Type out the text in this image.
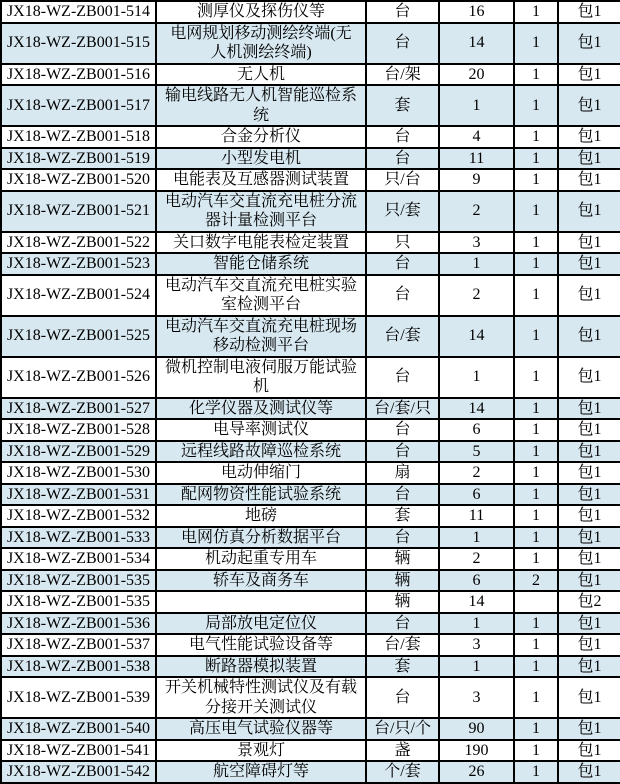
JX18-WZ-ZB001-514	测厚仪及探伤仪等	台	16	1	包1
JX18-WZ-ZB001-515	电网规划移动测绘终端(无人机测绘终端)	台	14	1	包1
JX18-WZ-ZB001-516	无人机	台/架	20	1	包1
JX18-WZ-ZB001-517	输电线路无人机智能巡检系统	套	1	1	包1
JX18-WZ-ZB001-518	合金分析仪	台	4	1	包1
JX18-WZ-ZB001-519	小型发电机	台	11	1	包1
JX18-WZ-ZB001-520	电能表及互感器测试装置	只/台	9	1	包1
JX18-WZ-ZB001-521	电动汽车交直流充电桩分流器计量检测平台	只/套	2	1	包1
JX18-WZ-ZB001-522	关口数字电能表检定装置	只	3	1	包1
JX18-WZ-ZB001-523	智能仓储系统	台	1	1	包1
JX18-WZ-ZB001-524	电动汽车交直流充电桩实验室检测平台	台	2	1	包1
JX18-WZ-ZB001-525	电动汽车交直流充电桩现场移动检测平台	台/套	14	1	包1
JX18-WZ-ZB001-526	微机控制电液伺服万能试验机	台	1	1	包1
JX18-WZ-ZB001-527	化学仪器及测试仪等	台/套/只	14	1	包1
JX18-WZ-ZB001-528	电导率测试仪	台	6	1	包1
JX18-WZ-ZB001-529	远程线路故障巡检系统	台	5	1	包1
JX18-WZ-ZB001-530	电动伸缩门	扇	2	1	包1
JX18-WZ-ZB001-531	配网物资性能试验系统	台	6	1	包1
JX18-WZ-ZB001-532	地磅	套	11	1	包1
JX18-WZ-ZB001-533	电网仿真分析数据平台	台	1	1	包1
JX18-WZ-ZB001-534	机动起重专用车	辆	2	1	包1
JX18-WZ-ZB001-535	轿车及商务车	辆	6	2	包1
JX18-WZ-ZB001-535		辆	14		包2
JX18-WZ-ZB001-536	局部放电定位仪	台	1	1	包1
JX18-WZ-ZB001-537	电气性能试验设备等	台/套	3	1	包1
JX18-WZ-ZB001-538	断路器模拟装置	套	1	1	包1
JX18-WZ-ZB001-539	开关机械特性测试仪及有载分接开关测试仪	台	3	1	包1
JX18-WZ-ZB001-540	高压电气试验仪器等	台/只/个	90	1	包1
JX18-WZ-ZB001-541	景观灯	盏	190	1	包1
JX18-WZ-ZB001-542	航空障碍灯等	个/套	26	1	包1
